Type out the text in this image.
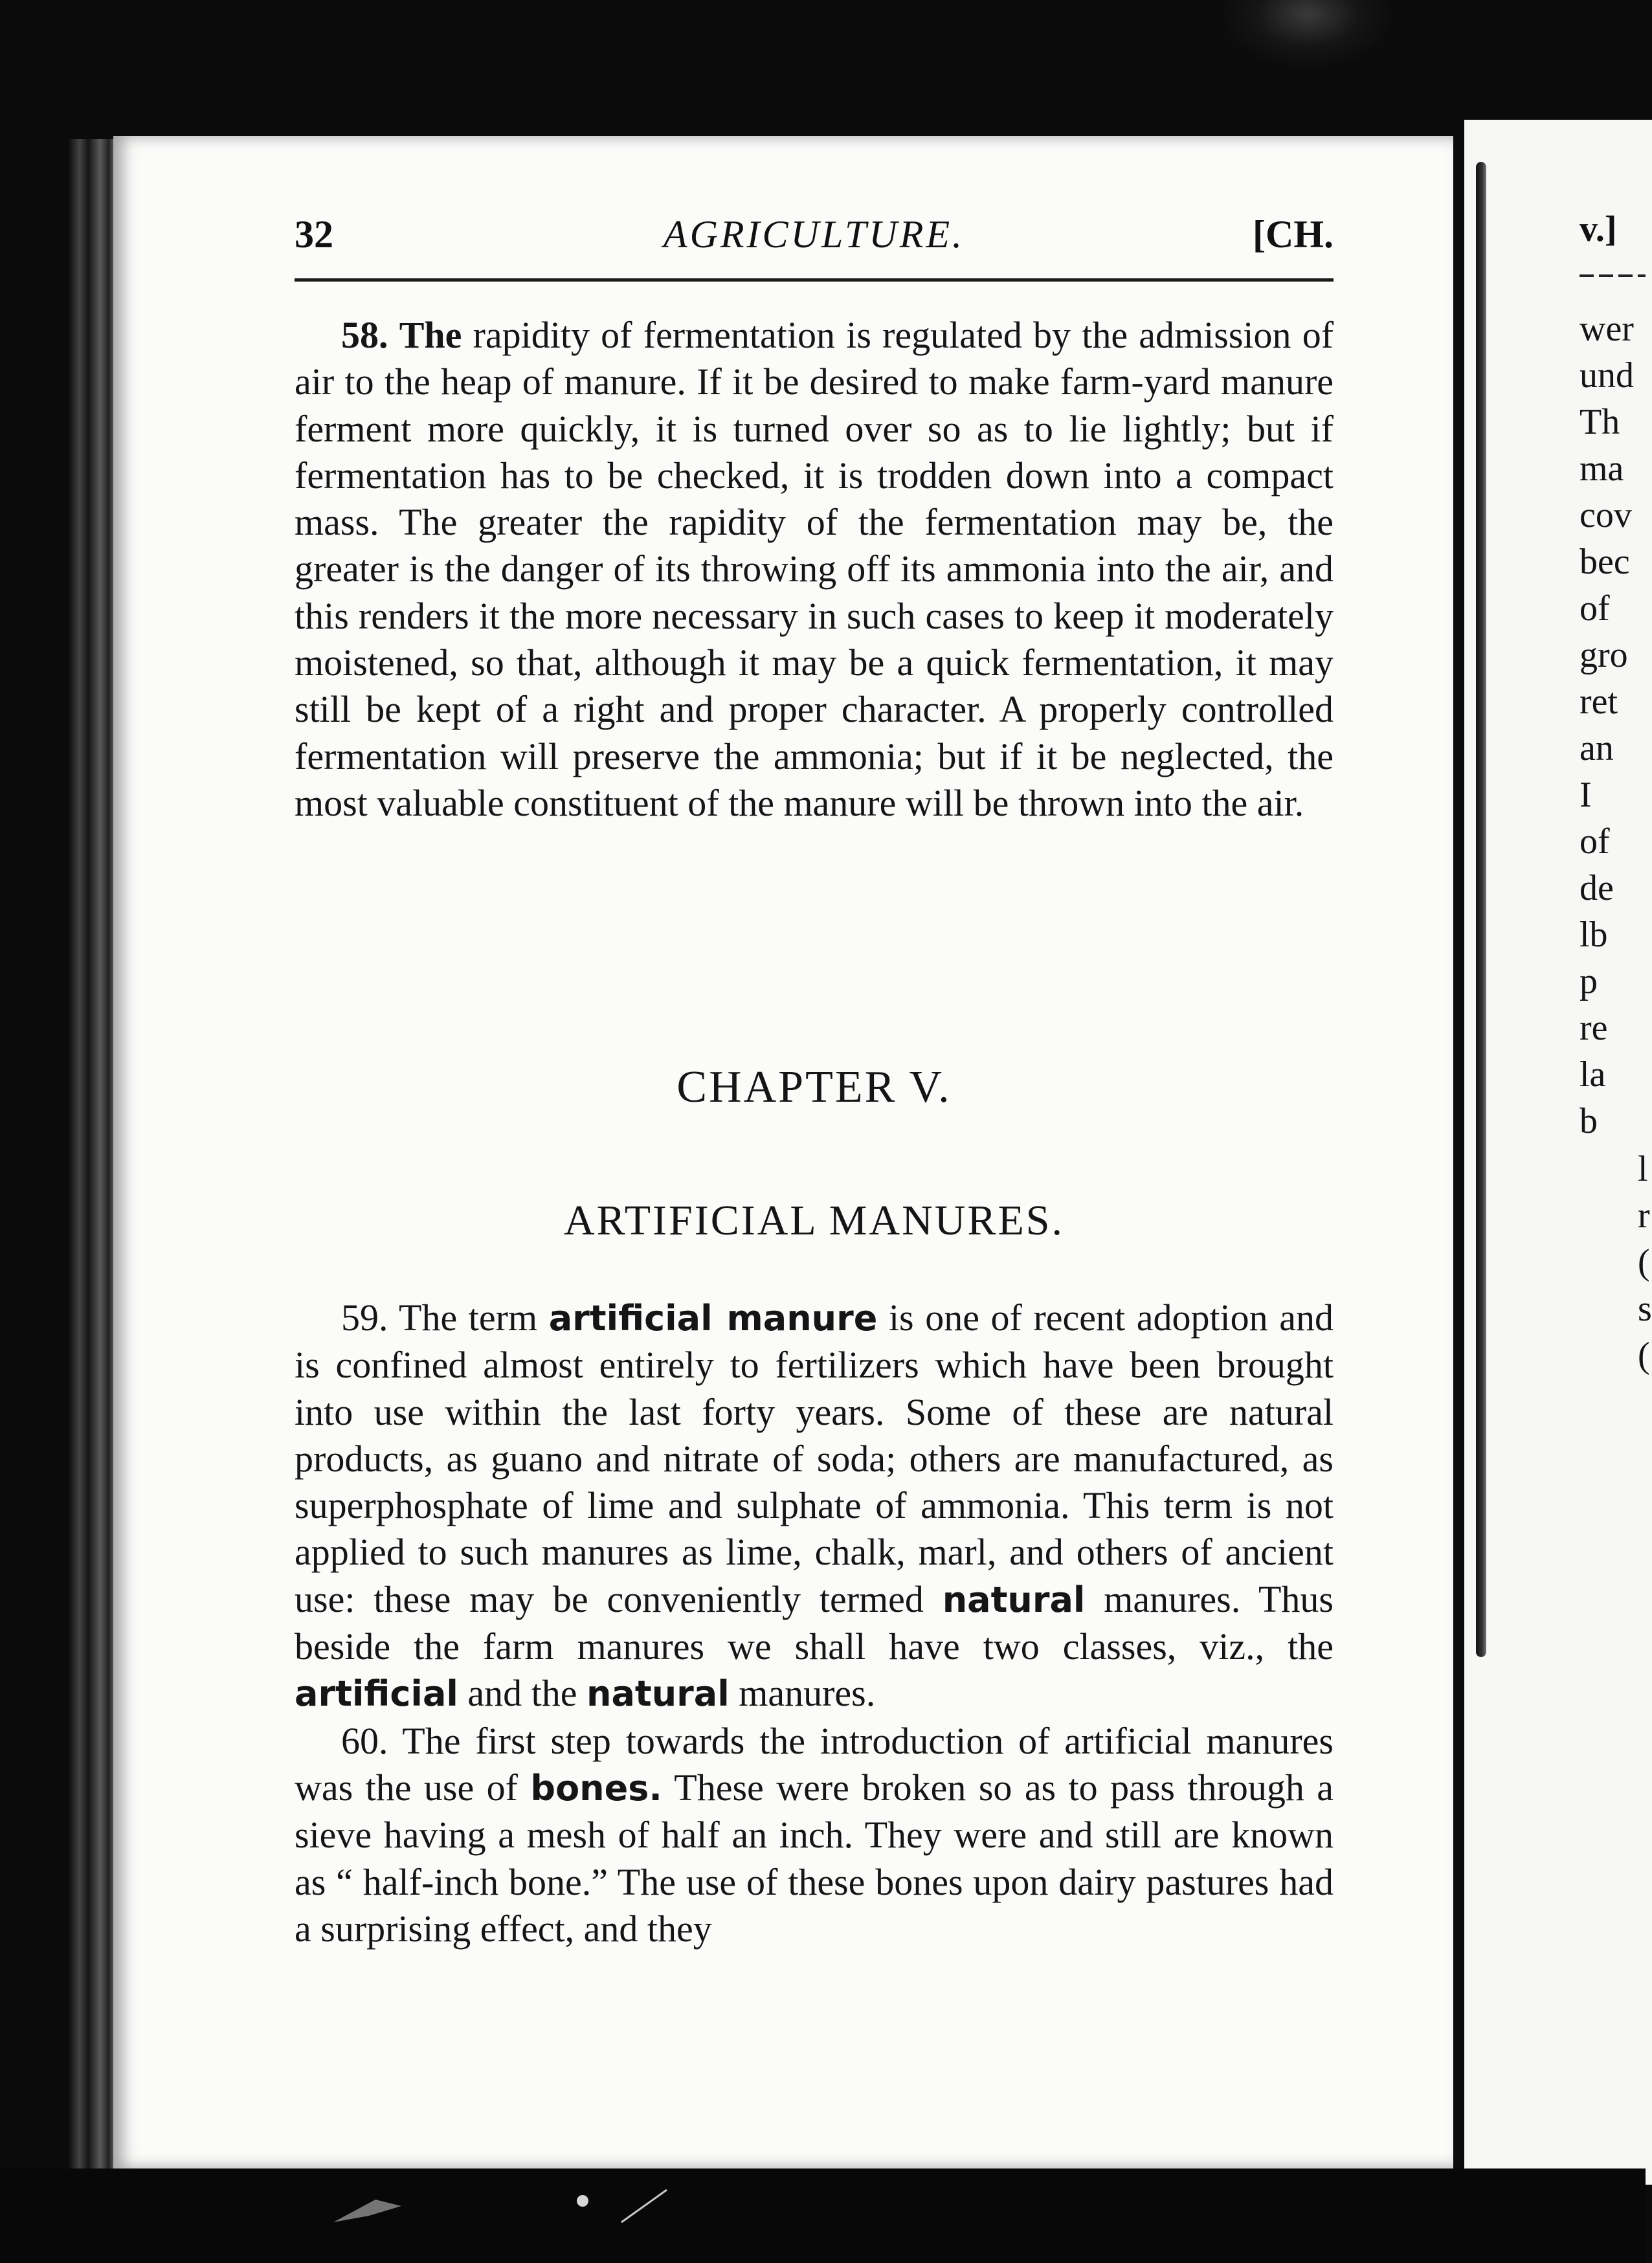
32	AGRICULTURE.	[CH.

58. The rapidity of fermentation is regulated by the admission of air to the heap of manure. If it be desired to make farm-yard manure ferment more quickly, it is turned over so as to lie lightly; but if fermentation has to be checked, it is trodden down into a compact mass. The greater the rapidity of the fermentation may be, the greater is the danger of its throwing off its ammonia into the air, and this renders it the more necessary in such cases to keep it moderately moistened, so that, although it may be a quick fermentation, it may still be kept of a right and proper character. A properly controlled fermentation will preserve the ammonia; but if it be neglected, the most valuable constituent of the manure will be thrown into the air.

CHAPTER V.
ARTIFICIAL MANURES.

59. The term artificial manure is one of recent adoption and is confined almost entirely to fertilizers which have been brought into use within the last forty years. Some of these are natural products, as guano and nitrate of soda; others are manufactured, as superphosphate of lime and sulphate of ammonia. This term is not applied to such manures as lime, chalk, marl, and others of ancient use: these may be conveniently termed natural manures. Thus beside the farm manures we shall have two classes, viz., the artificial and the natural manures.

60. The first step towards the introduction of artificial manures was the use of bones. These were broken so as to pass through a sieve having a mesh of half an inch. They were and still are known as “ half-inch bone.” The use of these bones upon dairy pastures had a surprising effect, and they

v.]
wer
und
Th
ma
cov
bec
of
gro
ret
an
I
of
de
lb
p
re
la
b
l
r
(
s
(
